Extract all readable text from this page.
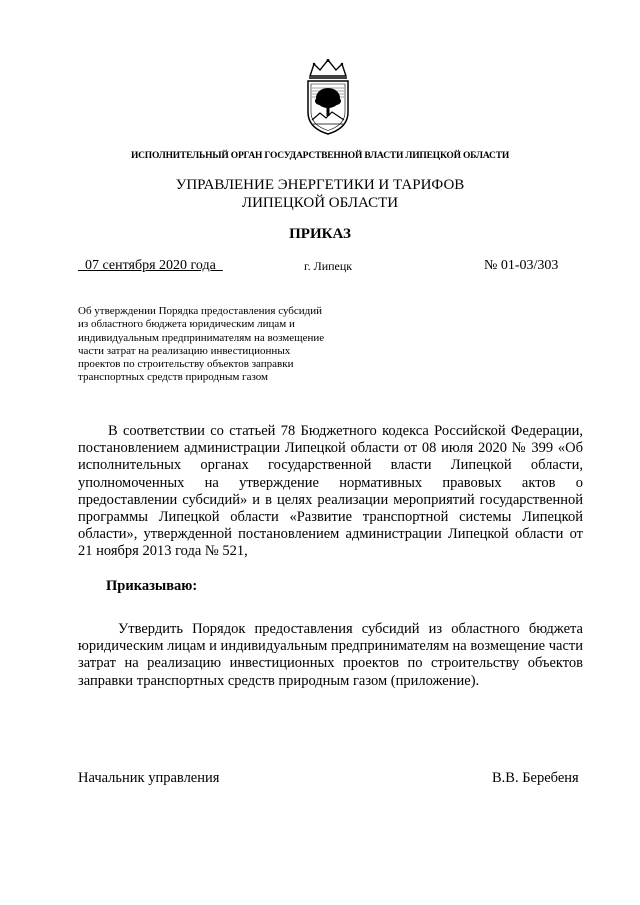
ИСПОЛНИТЕЛЬНЫЙ ОРГАН ГОСУДАРСТВЕННОЙ ВЛАСТИ ЛИПЕЦКОЙ ОБЛАСТИ
УПРАВЛЕНИЕ ЭНЕРГЕТИКИ И ТАРИФОВ
ЛИПЕЦКОЙ ОБЛАСТИ
ПРИКАЗ
07 сентября 2020 года	г. Липецк	№ 01-03/303
Об утверждении Порядка предоставления субсидий
из областного бюджета юридическим лицам и
индивидуальным предпринимателям на возмещение
части затрат на реализацию инвестиционных
проектов по строительству объектов заправки
транспортных средств природным газом
В соответствии со статьей 78 Бюджетного кодекса Российской Федерации, постановлением администрации Липецкой области от 08 июля 2020 № 399 «Об исполнительных органах государственной власти Липецкой области, уполномоченных на утверждение нормативных правовых актов о предоставлении субсидий» и в целях реализации мероприятий государственной программы Липецкой области «Развитие транспортной системы Липецкой области», утвержденной постановлением администрации Липецкой области от 21 ноября 2013 года № 521,
Приказываю:
Утвердить Порядок предоставления субсидий из областного бюджета юридическим лицам и индивидуальным предпринимателям на возмещение части затрат на реализацию инвестиционных проектов по строительству объектов заправки транспортных средств природным газом (приложение).
Начальник управления	В.В. Беребеня
